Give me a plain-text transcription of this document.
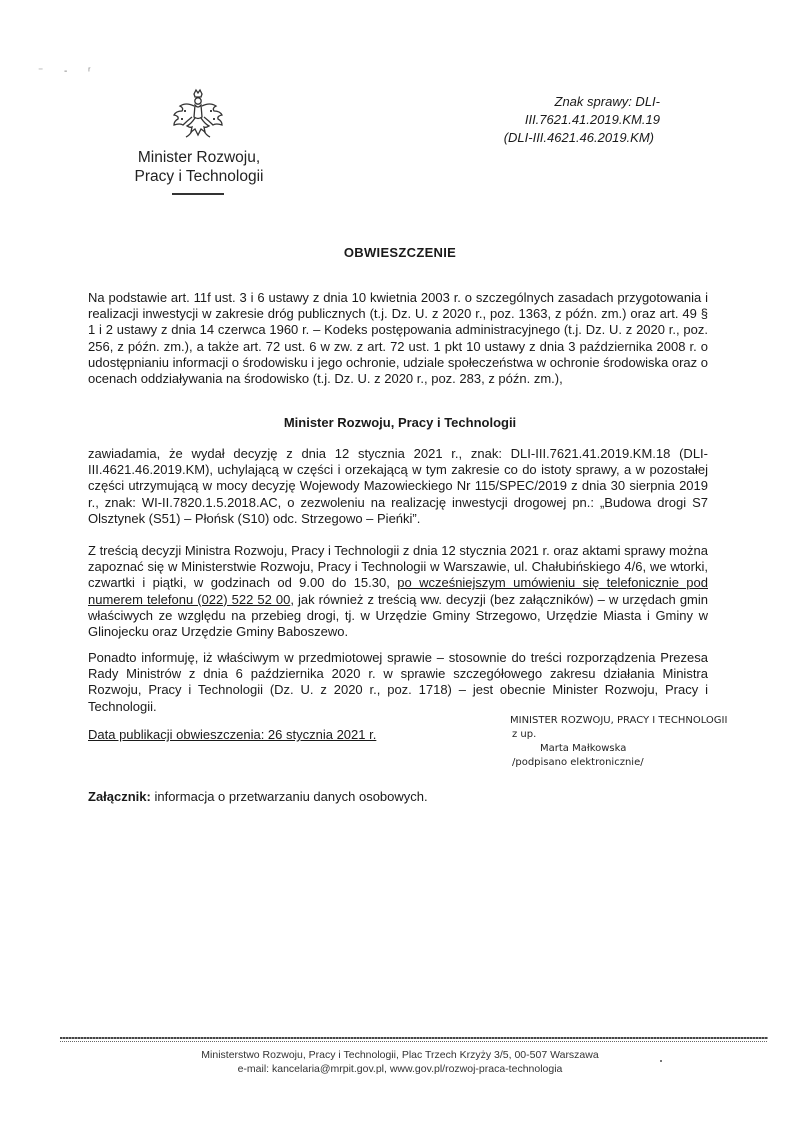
⁻ - ʳ
Minister Rozwoju,
Pracy i Technologii
Znak sprawy: DLI-III.7621.41.2019.KM.19
(DLI-III.4621.46.2019.KM)
OBWIESZCZENIE
Na podstawie art. 11f ust. 3 i 6 ustawy z dnia 10 kwietnia 2003 r. o szczególnych zasadach przygotowania i realizacji inwestycji w zakresie dróg publicznych (t.j. Dz. U. z 2020 r., poz. 1363, z późn. zm.) oraz art. 49 § 1 i 2 ustawy z dnia 14 czerwca 1960 r. – Kodeks postępowania administracyjnego (t.j. Dz. U. z 2020 r., poz. 256, z późn. zm.), a także art. 72 ust. 6 w zw. z art. 72 ust. 1 pkt 10 ustawy z dnia 3 października 2008 r. o udostępnianiu informacji o środowisku i jego ochronie, udziale społeczeństwa w ochronie środowiska oraz o ocenach oddziaływania na środowisko (t.j. Dz. U. z 2020 r., poz. 283, z późn. zm.),
Minister Rozwoju, Pracy i Technologii
zawiadamia, że wydał decyzję z dnia 12 stycznia 2021 r., znak: DLI-III.7621.41.2019.KM.18 (DLI-III.4621.46.2019.KM), uchylającą w części i orzekającą w tym zakresie co do istoty sprawy, a w pozostałej części utrzymującą w mocy decyzję Wojewody Mazowieckiego Nr 115/SPEC/2019 z dnia 30 sierpnia 2019 r., znak: WI-II.7820.1.5.2018.AC, o zezwoleniu na realizację inwestycji drogowej pn.: „Budowa drogi S7 Olsztynek (S51) – Płońsk (S10) odc. Strzegowo – Pieńki”.
Z treścią decyzji Ministra Rozwoju, Pracy i Technologii z dnia 12 stycznia 2021 r. oraz aktami sprawy można zapoznać się w Ministerstwie Rozwoju, Pracy i Technologii w Warszawie, ul. Chałubińskiego 4/6, we wtorki, czwartki i piątki, w godzinach od 9.00 do 15.30, po wcześniejszym umówieniu się telefonicznie pod numerem telefonu (022) 522 52 00, jak również z treścią ww. decyzji (bez załączników) – w urzędach gmin właściwych ze względu na przebieg drogi, tj. w Urzędzie Gminy Strzegowo, Urzędzie Miasta i Gminy w Glinojecku oraz Urzędzie Gminy Baboszewo.
Ponadto informuję, iż właściwym w przedmiotowej sprawie – stosownie do treści rozporządzenia Prezesa Rady Ministrów z dnia 6 października 2020 r. w sprawie szczegółowego zakresu działania Ministra Rozwoju, Pracy i Technologii (Dz. U. z 2020 r., poz. 1718) – jest obecnie Minister Rozwoju, Pracy i Technologii.
Data publikacji obwieszczenia: 26 stycznia 2021 r.
MINISTER ROZWOJU, PRACY I TECHNOLOGII
z up.
Marta Małkowska
/podpisano elektronicznie/
Załącznik: informacja o przetwarzaniu danych osobowych.
Ministerstwo Rozwoju, Pracy i Technologii, Plac Trzech Krzyży 3/5, 00-507 Warszawa
e-mail: kancelaria@mrpit.gov.pl, www.gov.pl/rozwoj-praca-technologia
